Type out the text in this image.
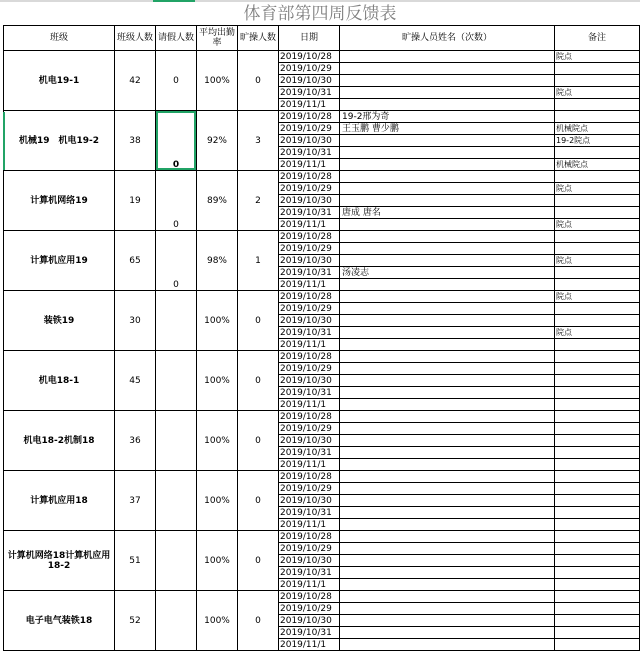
体育部第四周反馈表
班级	班级人数	请假人数	平均出勤率	旷操人数	日期	旷操人员姓名（次数）	备注
机电19-1	42	0	100%	0	2019/10/28		院点
					2019/10/29		
					2019/10/30		
					2019/10/31		院点
					2019/11/1		
机械19　机电19-2	38	0	92%	3	2019/10/28	19-2邢为奇	
					2019/10/29	王玉鹏 曹少鹏	机械院点
					2019/10/30		19-2院点
					2019/10/31		
					2019/11/1		机械院点
计算机网络19	19	0	89%	2	2019/10/28		
					2019/10/29		院点
					2019/10/30		
					2019/10/31	唐成 唐名	
					2019/11/1		院点
计算机应用19	65	0	98%	1	2019/10/28		
					2019/10/29		
					2019/10/30		院点
					2019/10/31	汤凌志	
					2019/11/1		
装铁19	30		100%	0	2019/10/28		院点
					2019/10/29		
					2019/10/30		
					2019/10/31		院点
					2019/11/1		
机电18-1	45		100%	0	2019/10/28		
					2019/10/29		
					2019/10/30		
					2019/10/31		
					2019/11/1		
机电18-2机制18	36		100%	0	2019/10/28		
					2019/10/29		
					2019/10/30		
					2019/10/31		
					2019/11/1		
计算机应用18	37		100%	0	2019/10/28		
					2019/10/29		
					2019/10/30		
					2019/10/31		
					2019/11/1		
计算机网络18计算机应用18-2	51		100%	0	2019/10/28		
					2019/10/29		
					2019/10/30		
					2019/10/31		
					2019/11/1		
电子电气装铁18	52		100%	0	2019/10/28		
					2019/10/29		
					2019/10/30		
					2019/10/31		
					2019/11/1		
